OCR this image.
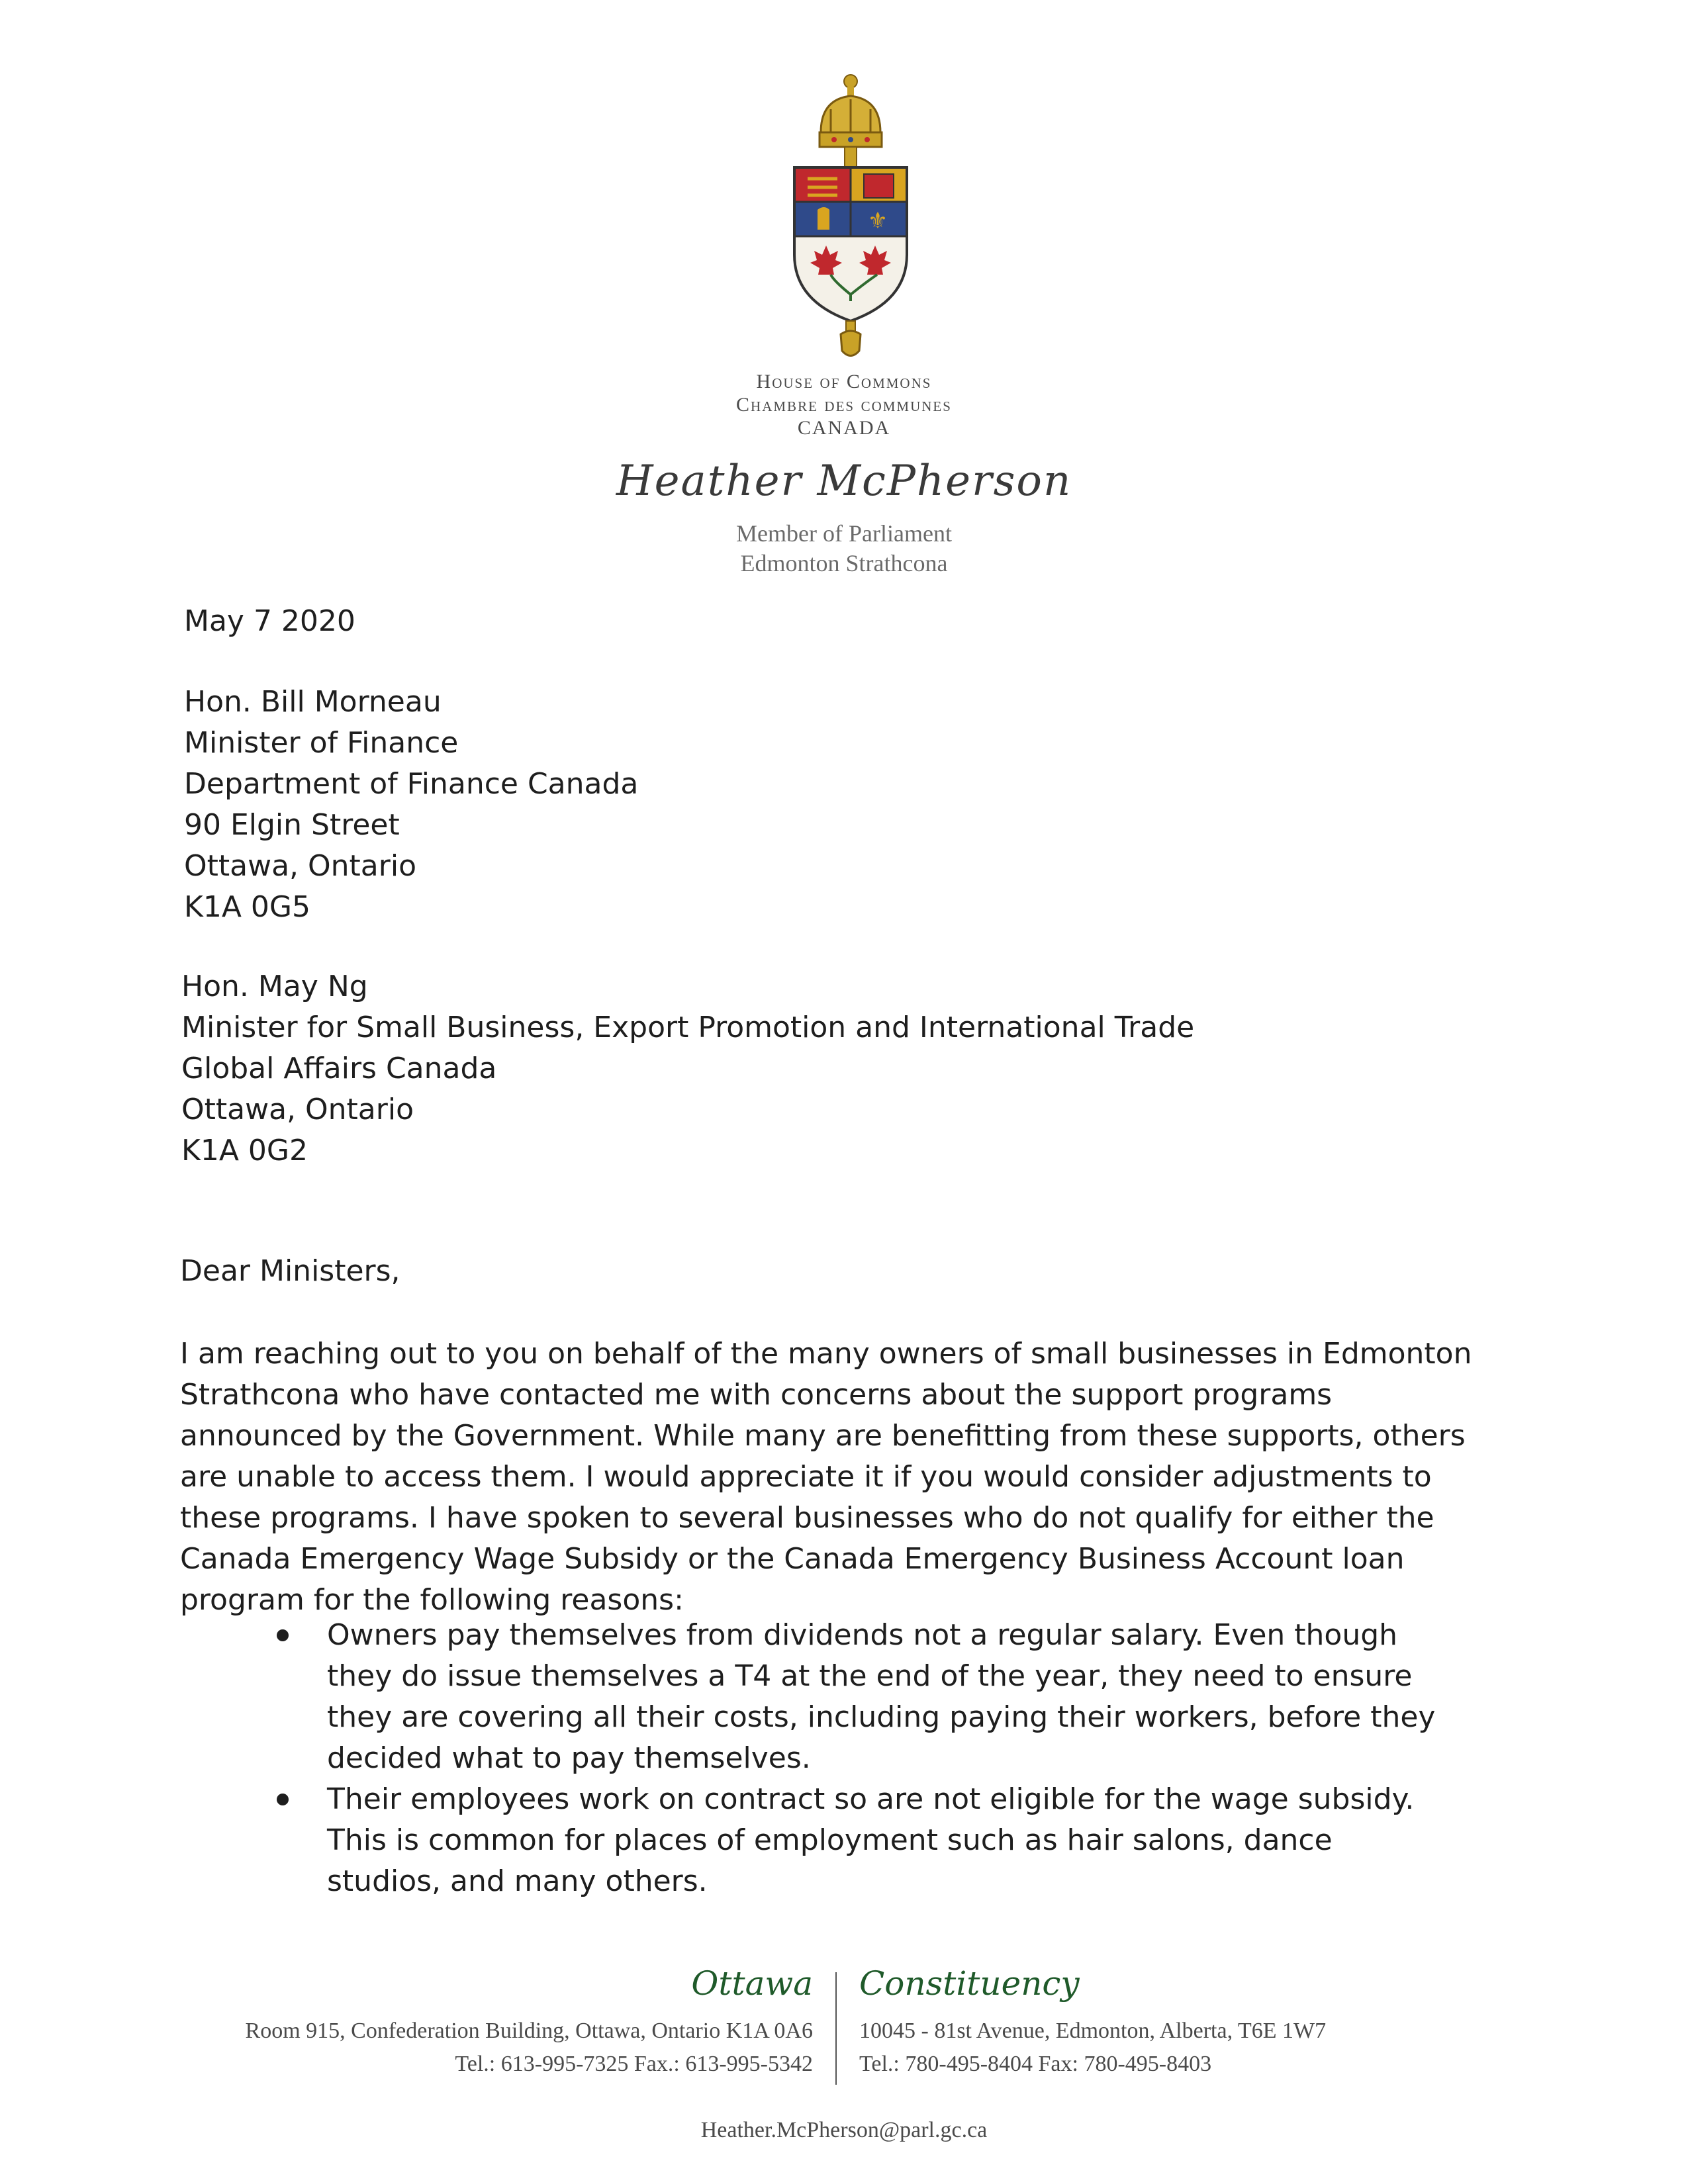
⚜
House of Commons
Chambre des communes
CANADA
Heather McPherson
Member of Parliament
Edmonton Strathcona
May 7 2020
Hon. Bill Morneau
Minister of Finance
Department of Finance Canada
90 Elgin Street
Ottawa, Ontario
K1A 0G5
Hon. May Ng
Minister for Small Business, Export Promotion and International Trade
Global Affairs Canada
Ottawa, Ontario
K1A 0G2
Dear Ministers,

I am reaching out to you on behalf of the many owners of small businesses in Edmonton Strathcona who have contacted me with concerns about the support programs announced by the Government. While many are benefitting from these supports, others are unable to access them. I would appreciate it if you would consider adjustments to these programs. I have spoken to several businesses who do not qualify for either the Canada Emergency Wage Subsidy or the Canada Emergency Business Account loan program for the following reasons:

Owners pay themselves from dividends not a regular salary. Even though they do issue themselves a T4 at the end of the year, they need to ensure they are covering all their costs, including paying their workers, before they decided what to pay themselves.
Their employees work on contract so are not eligible for the wage subsidy. This is common for places of employment such as hair salons, dance studios, and many others.
Ottawa Constituency
Room 915, Confederation Building, Ottawa, Ontario K1A 0A6
Tel.: 613-995-7325 Fax.: 613-995-5342
10045 - 81st Avenue, Edmonton, Alberta, T6E 1W7
Tel.: 780-495-8404 Fax: 780-495-8403
Heather.McPherson@parl.gc.ca
